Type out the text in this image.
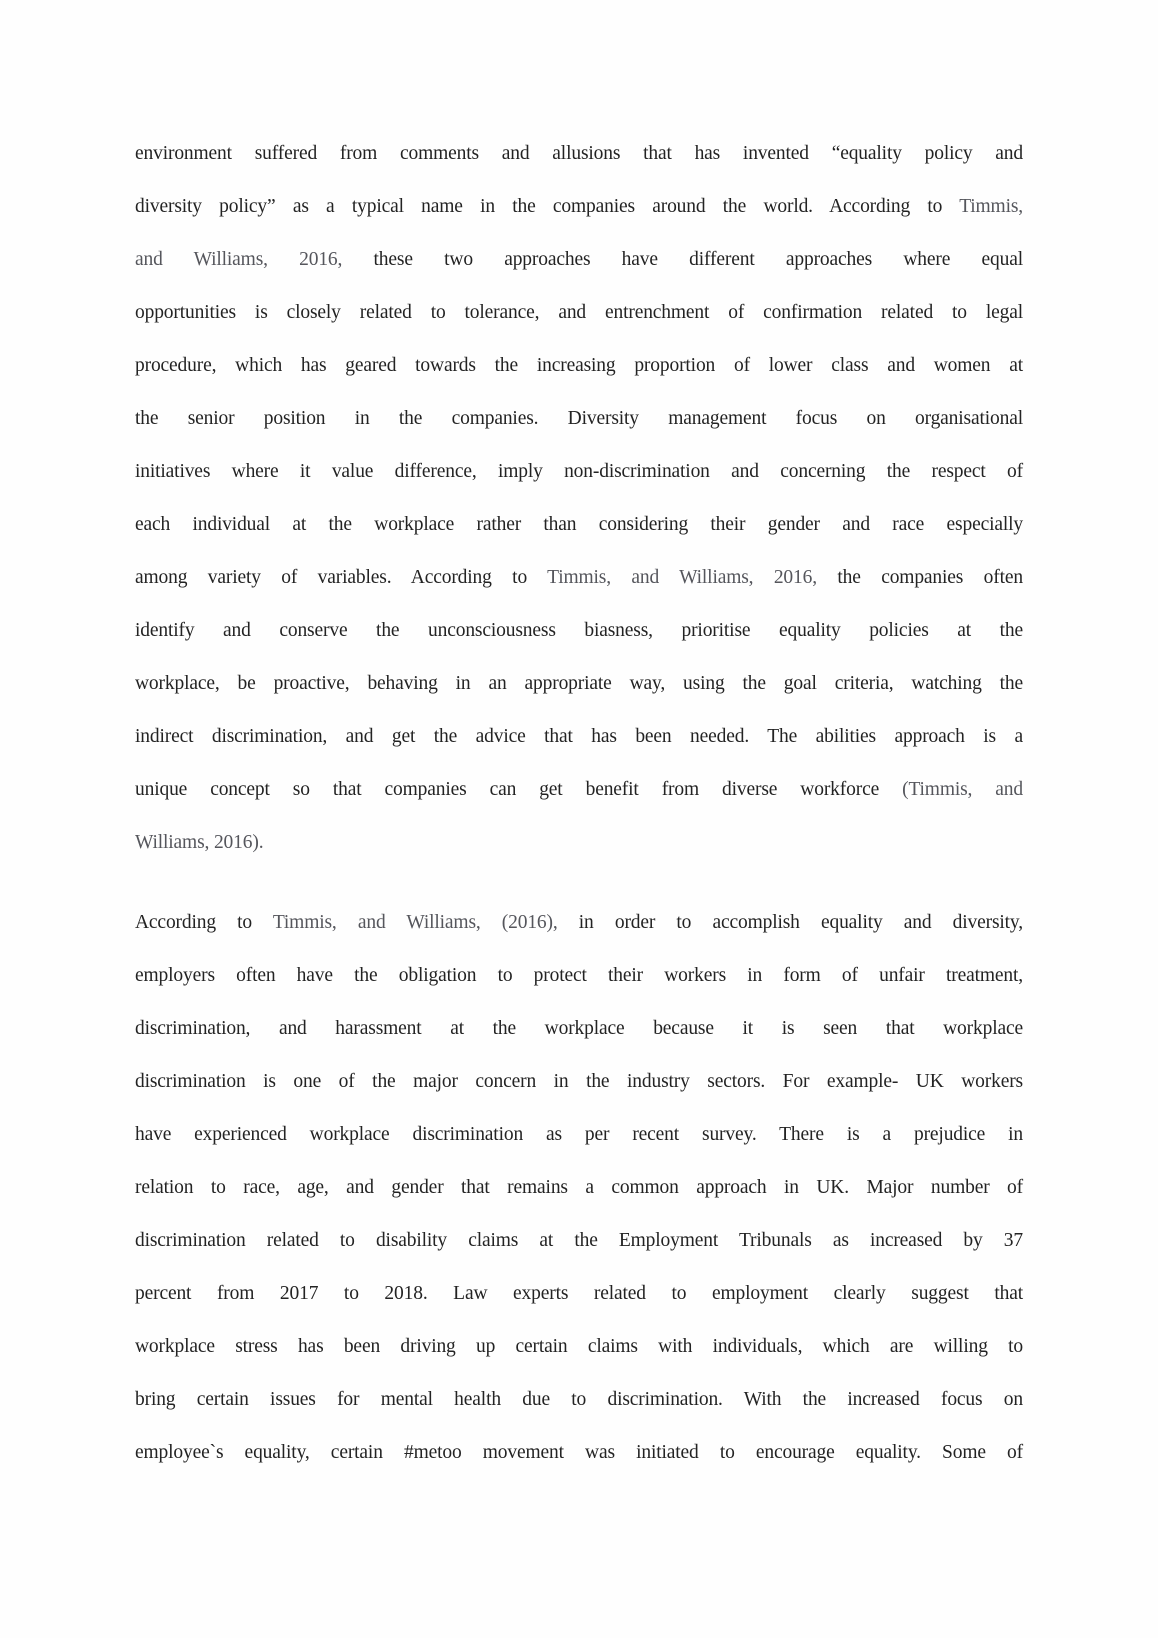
environment suffered from comments and allusions that has invented “equality policy and
diversity policy” as a typical name in the companies around the world. According to Timmis,
and Williams, 2016, these two approaches have different approaches where equal
opportunities is closely related to tolerance, and entrenchment of confirmation related to legal
procedure, which has geared towards the increasing proportion of lower class and women at
the senior position in the companies. Diversity management focus on organisational
initiatives where it value difference, imply non-discrimination and concerning the respect of
each individual at the workplace rather than considering their gender and race especially
among variety of variables. According to Timmis, and Williams, 2016, the companies often
identify and conserve the unconsciousness biasness, prioritise equality policies at the
workplace, be proactive, behaving in an appropriate way, using the goal criteria, watching the
indirect discrimination, and get the advice that has been needed. The abilities approach is a
unique concept so that companies can get benefit from diverse workforce (Timmis, and
Williams, 2016).
According to Timmis, and Williams, (2016), in order to accomplish equality and diversity,
employers often have the obligation to protect their workers in form of unfair treatment,
discrimination, and harassment at the workplace because it is seen that workplace
discrimination is one of the major concern in the industry sectors. For example- UK workers
have experienced workplace discrimination as per recent survey. There is a prejudice in
relation to race, age, and gender that remains a common approach in UK. Major number of
discrimination related to disability claims at the Employment Tribunals as increased by 37
percent from 2017 to 2018. Law experts related to employment clearly suggest that
workplace stress has been driving up certain claims with individuals, which are willing to
bring certain issues for mental health due to discrimination. With the increased focus on
employee`s equality, certain #metoo movement was initiated to encourage equality. Some of
